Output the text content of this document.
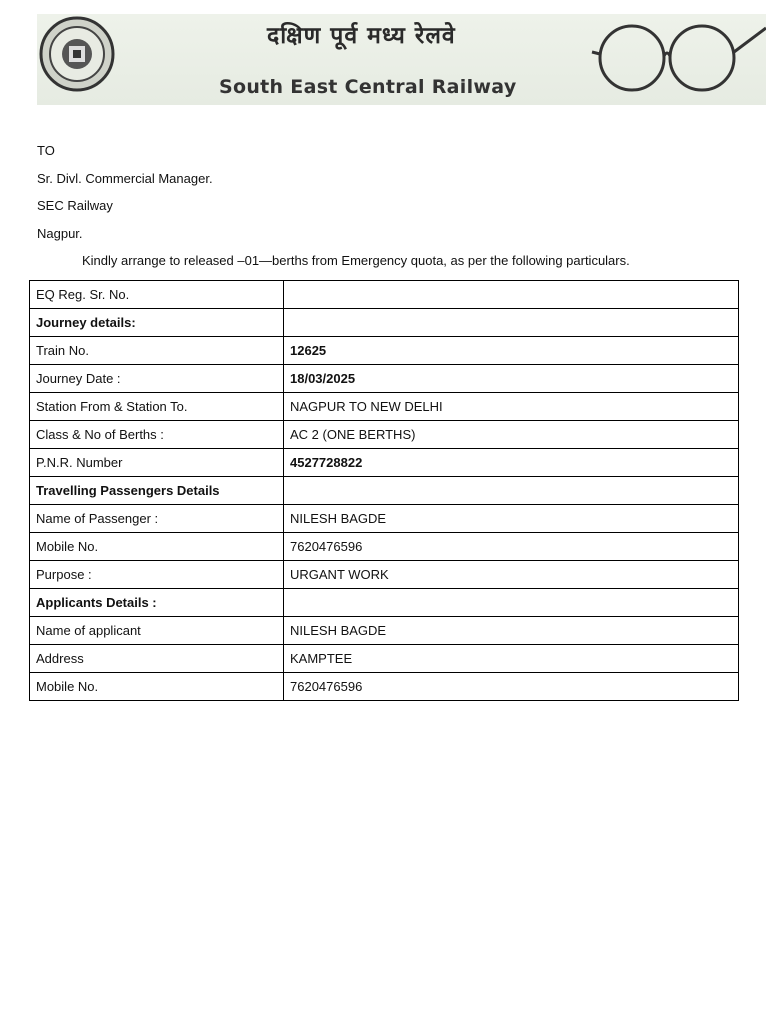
दक्षिण पूर्व मध्य रेलवे
South East Central Railway
TO
Sr. Divl. Commercial Manager.
SEC Railway
Nagpur.
Kindly arrange to released –01—berths from Emergency quota, as per the following particulars.
EQ Reg. Sr. No.	
Journey details:	
Train No.	12625
Journey Date :	18/03/2025
Station From & Station To.	NAGPUR TO NEW DELHI
Class & No of Berths :	AC 2 (ONE BERTHS)
P.N.R. Number	4527728822
Travelling Passengers Details	
Name of Passenger :	NILESH BAGDE
Mobile No.	7620476596
Purpose :	URGANT WORK
Applicants Details :	
Name of applicant	NILESH BAGDE
Address	KAMPTEE
Mobile No.	7620476596
